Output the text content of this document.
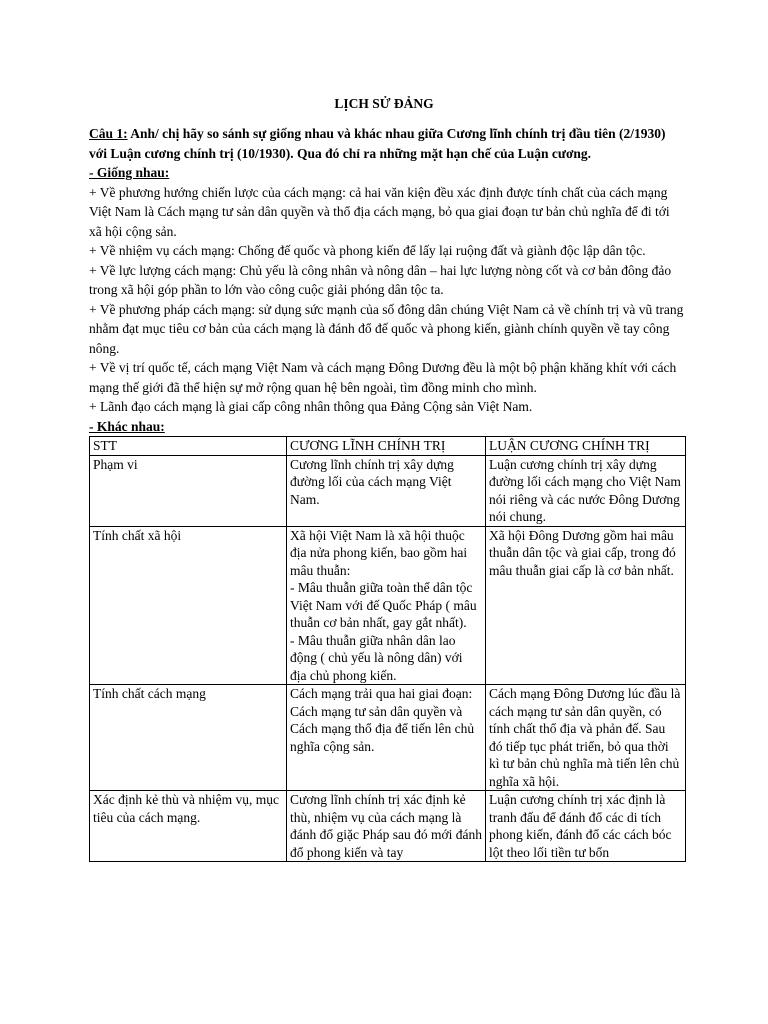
LỊCH SỬ ĐẢNG

Câu 1: Anh/ chị hãy so sánh sự giống nhau và khác nhau giữa Cương lĩnh chính trị đầu tiên (2/1930) với Luận cương chính trị (10/1930). Qua đó chỉ ra những mặt hạn chế của Luận cương.

- Giống nhau:

+ Về phương hướng chiến lược của cách mạng: cả hai văn kiện đều xác định được tính chất của cách mạng Việt Nam là Cách mạng tư sản dân quyền và thổ địa cách mạng, bỏ qua giai đoạn tư bản chủ nghĩa để đi tới xã hội cộng sản.

+ Về nhiệm vụ cách mạng: Chống đế quốc và phong kiến để lấy lại ruộng đất và giành độc lập dân tộc.

+ Về lực lượng cách mạng: Chủ yếu là công nhân và nông dân – hai lực lượng nòng cốt và cơ bản đông đảo trong xã hội góp phần to lớn vào công cuộc giải phóng dân tộc ta.

+ Về phương pháp cách mạng: sử dụng sức mạnh của số đông dân chúng Việt Nam cả về chính trị và vũ trang nhằm đạt mục tiêu cơ bản của cách mạng là đánh đổ đế quốc và phong kiến, giành chính quyền về tay công nông.

+ Về vị trí quốc tế, cách mạng Việt Nam và cách mạng Đông Dương đều là một bộ phận khăng khít với cách mạng thế giới đã thể hiện sự mở rộng quan hệ bên ngoài, tìm đồng minh cho mình.

+ Lãnh đạo cách mạng là giai cấp công nhân thông qua Đảng Cộng sản Việt Nam.

- Khác nhau:

STT	CƯƠNG LĨNH CHÍNH TRỊ	LUẬN CƯƠNG CHÍNH TRỊ
Phạm vi	Cương lĩnh chính trị xây dựng đường lối của cách mạng Việt Nam.	Luận cương chính trị xây dựng đường lối cách mạng cho Việt Nam nói riêng và các nước Đông Dương nói chung.

Tính chất xã hội	Xã hội Việt Nam là xã hội thuộc địa nửa phong kiến, bao gồm hai mâu thuẫn:
- Mâu thuẫn giữa toàn thể dân tộc Việt Nam với đế Quốc Pháp ( mâu thuẫn cơ bản nhất, gay gắt nhất).
- Mâu thuẫn giữa nhân dân lao động ( chủ yếu là nông dân) với địa chủ phong kiến.	Xã hội Đông Dương gồm hai mâu thuẫn dân tộc và giai cấp, trong đó mâu thuẫn giai cấp là cơ bản nhất.

Tính chất cách mạng	Cách mạng trải qua hai giai đoạn: Cách mạng tư sản dân quyền và Cách mạng thổ địa để tiến lên chủ nghĩa cộng sản.	Cách mạng Đông Dương lúc đầu là cách mạng tư sản dân quyền, có tính chất thổ địa và phản đế. Sau đó tiếp tục phát triển, bỏ qua thời kì tư bản chủ nghĩa mà tiến lên chủ nghĩa xã hội.

Xác định kẻ thù và nhiệm vụ, mục tiêu của cách mạng.	Cương lĩnh chính trị xác định kẻ thù, nhiệm vụ của cách mạng là đánh đổ giặc Pháp sau đó mới đánh đổ phong kiến và tay	Luận cương chính trị xác định là tranh đấu để đánh đổ các di tích phong kiến, đánh đổ các cách bóc lột theo lối tiền tư bổn
